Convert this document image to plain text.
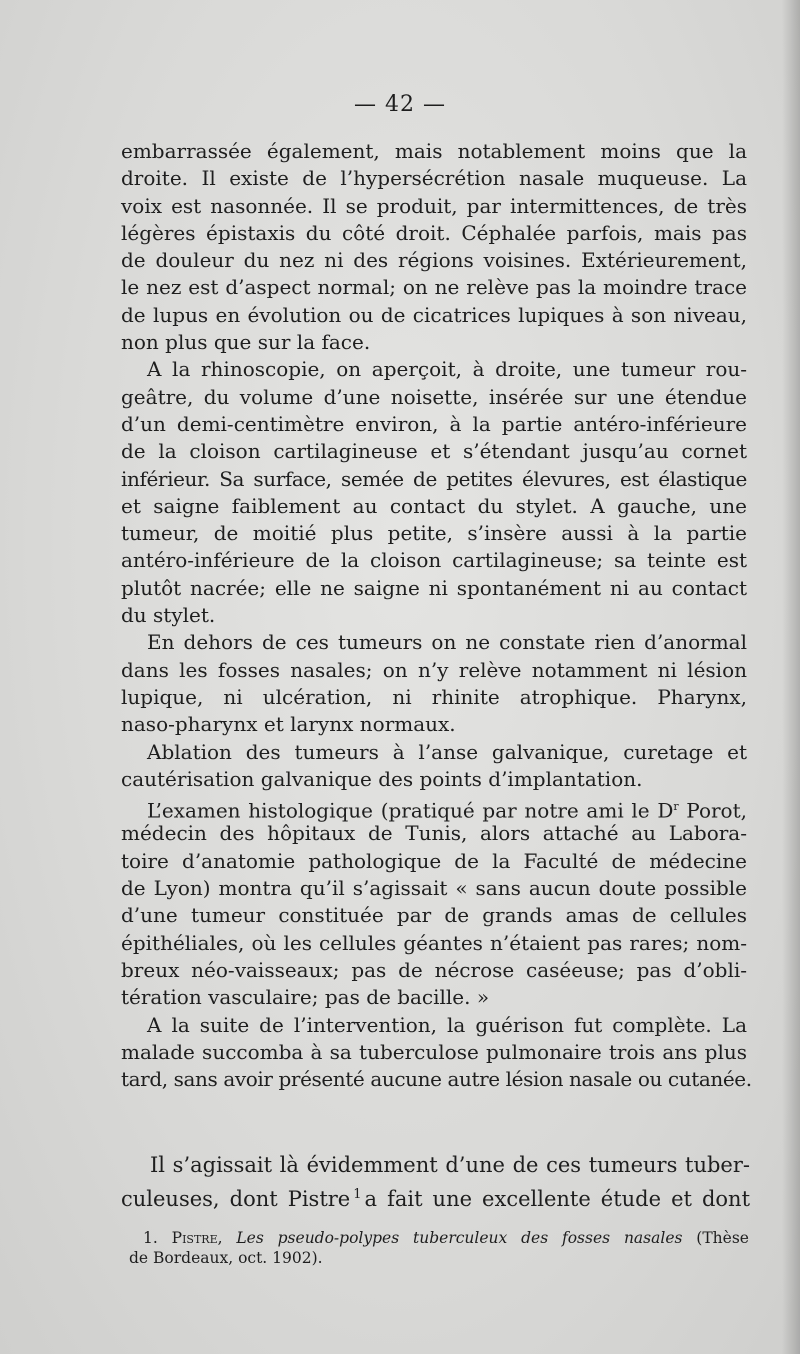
— 42 —
embarrassée également, mais notablement moins que la
droite. Il existe de l’hypersécrétion nasale muqueuse. La
voix est nasonnée. Il se produit, par intermittences, de très
légères épistaxis du côté droit. Céphalée parfois, mais pas
de douleur du nez ni des régions voisines. Extérieurement,
le nez est d’aspect normal; on ne relève pas la moindre trace
de lupus en évolution ou de cicatrices lupiques à son niveau,
non plus que sur la face.
A la rhinoscopie, on aperçoit, à droite, une tumeur rou-
geâtre, du volume d’une noisette, insérée sur une étendue
d’un demi-centimètre environ, à la partie antéro-inférieure
de la cloison cartilagineuse et s’étendant jusqu’au cornet
inférieur. Sa surface, semée de petites élevures, est élastique
et saigne faiblement au contact du stylet. A gauche, une
tumeur, de moitié plus petite, s’insère aussi à la partie
antéro-inférieure de la cloison cartilagineuse; sa teinte est
plutôt nacrée; elle ne saigne ni spontanément ni au contact
du stylet.
En dehors de ces tumeurs on ne constate rien d’anormal
dans les fosses nasales; on n’y relève notamment ni lésion
lupique, ni ulcération, ni rhinite atrophique. Pharynx,
naso-pharynx et larynx normaux.
Ablation des tumeurs à l’anse galvanique, curetage et
cautérisation galvanique des points d’implantation.
L’examen histologique (pratiqué par notre ami le $D^r$ Porot,
médecin des hôpitaux de Tunis, alors attaché au Labora-
toire d’anatomie pathologique de la Faculté de médecine
de Lyon) montra qu’il s’agissait « sans aucun doute possible
d’une tumeur constituée par de grands amas de cellules
épithéliales, où les cellules géantes n’étaient pas rares; nom-
breux néo-vaisseaux; pas de nécrose caséeuse; pas d’obli-
tération vasculaire; pas de bacille. »
A la suite de l’intervention, la guérison fut complète. La
malade succomba à sa tuberculose pulmonaire trois ans plus
tard, sans avoir présenté aucune autre lésion nasale ou cutanée.
Il s’agissait là évidemment d’une de ces tumeurs tuber-
culeuses, dont Pistre $^1$ a fait une excellente étude et dont
1. Pistre, Les pseudo-polypes tuberculeux des fosses nasales (Thèse
de Bordeaux, oct. 1902).
